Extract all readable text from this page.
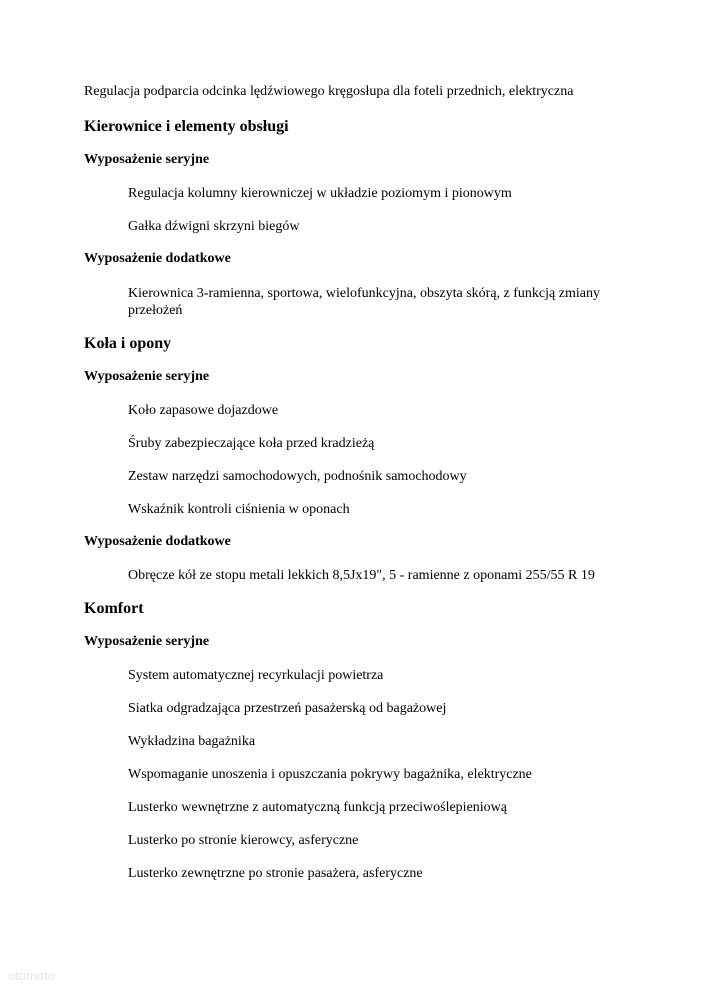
Regulacja podparcia odcinka lędźwiowego kręgosłupa dla foteli przednich, elektryczna

Kierownice i elementy obsługi

Wyposażenie seryjne

Regulacja kolumny kierowniczej w układzie poziomym i pionowym

Gałka dźwigni skrzyni biegów

Wyposażenie dodatkowe

Kierownica 3-ramienna, sportowa, wielofunkcyjna, obszyta skórą, z funkcją zmiany przełożeń

Koła i opony

Wyposażenie seryjne

Koło zapasowe dojazdowe

Śruby zabezpieczające koła przed kradzieżą

Zestaw narzędzi samochodowych, podnośnik samochodowy

Wskaźnik kontroli ciśnienia w oponach

Wyposażenie dodatkowe

Obręcze kół ze stopu metali lekkich 8,5Jx19", 5 - ramienne z oponami 255/55 R 19

Komfort

Wyposażenie seryjne

System automatycznej recyrkulacji powietrza

Siatka odgradzająca przestrzeń pasażerską od bagażowej

Wykładzina bagażnika

Wspomaganie unoszenia i opuszczania pokrywy bagażnika, elektryczne

Lusterko wewnętrzne z automatyczną funkcją przeciwoślepieniową

Lusterko po stronie kierowcy, asferyczne

Lusterko zewnętrzne po stronie pasażera, asferyczne

otomoto
